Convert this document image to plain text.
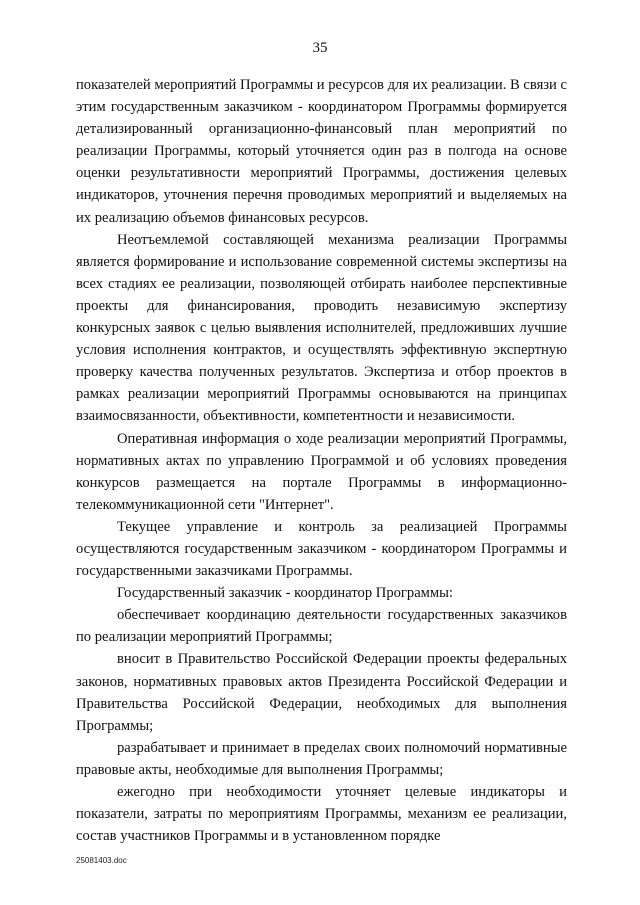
35

показателей мероприятий Программы и ресурсов для их реализации. В связи с этим государственным заказчиком - координатором Программы формируется детализированный организационно-финансовый план мероприятий по реализации Программы, который уточняется один раз в полгода на основе оценки результативности мероприятий Программы, достижения целевых индикаторов, уточнения перечня проводимых мероприятий и выделяемых на их реализацию объемов финансовых ресурсов.

Неотъемлемой составляющей механизма реализации Программы является формирование и использование современной системы экспертизы на всех стадиях ее реализации, позволяющей отбирать наиболее перспективные проекты для финансирования, проводить независимую экспертизу конкурсных заявок с целью выявления исполнителей, предложивших лучшие условия исполнения контрактов, и осуществлять эффективную экспертную проверку качества полученных результатов. Экспертиза и отбор проектов в рамках реализации мероприятий Программы основываются на принципах взаимосвязанности, объективности, компетентности и независимости.

Оперативная информация о ходе реализации мероприятий Программы, нормативных актах по управлению Программой и об условиях проведения конкурсов размещается на портале Программы в информационно-телекоммуникационной сети "Интернет".

Текущее управление и контроль за реализацией Программы осуществляются государственным заказчиком - координатором Программы и государственными заказчиками Программы.

Государственный заказчик - координатор Программы:

обеспечивает координацию деятельности государственных заказчиков по реализации мероприятий Программы;

вносит в Правительство Российской Федерации проекты федеральных законов, нормативных правовых актов Президента Российской Федерации и Правительства Российской Федерации, необходимых для выполнения Программы;

разрабатывает и принимает в пределах своих полномочий нормативные правовые акты, необходимые для выполнения Программы;

ежегодно при необходимости уточняет целевые индикаторы и показатели, затраты по мероприятиям Программы, механизм ее реализации, состав участников Программы и в установленном порядке

25081403.doc
